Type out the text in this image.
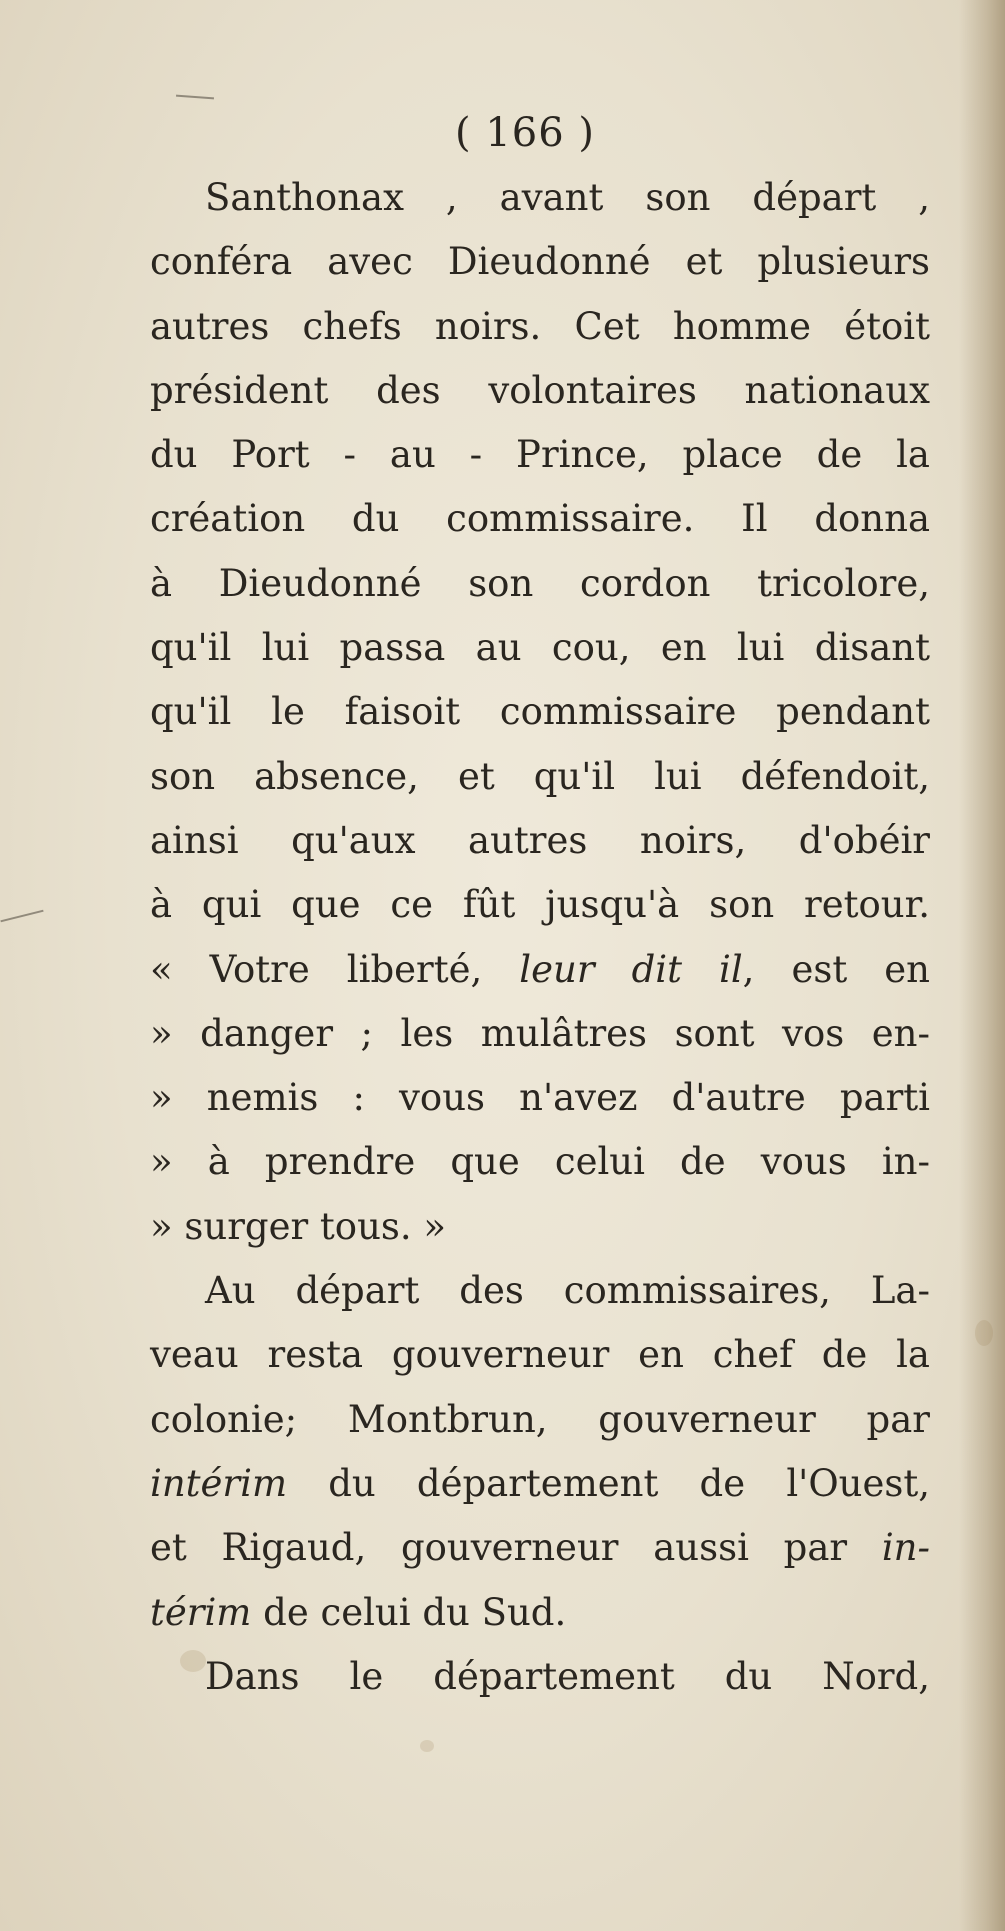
( 166 )
Santhonax , avant son départ ,
conféra avec Dieudonné et plusieurs
autres chefs noirs. Cet homme étoit
président des volontaires nationaux
du Port - au - Prince, place de la
création du commissaire. Il donna
à Dieudonné son cordon tricolore,
qu'il lui passa au cou, en lui disant
qu'il le faisoit commissaire pendant
son absence, et qu'il lui défendoit,
ainsi qu'aux autres noirs, d'obéir
à qui que ce fût jusqu'à son retour.
« Votre liberté, leur dit il, est en
» danger ; les mulâtres sont vos en-
» nemis : vous n'avez d'autre parti
» à prendre que celui de vous in-
» surger tous. »
Au départ des commissaires, La-
veau resta gouverneur en chef de la
colonie; Montbrun, gouverneur par
intérim du département de l'Ouest,
et Rigaud, gouverneur aussi par in-
térim de celui du Sud.
Dans le département du Nord,
